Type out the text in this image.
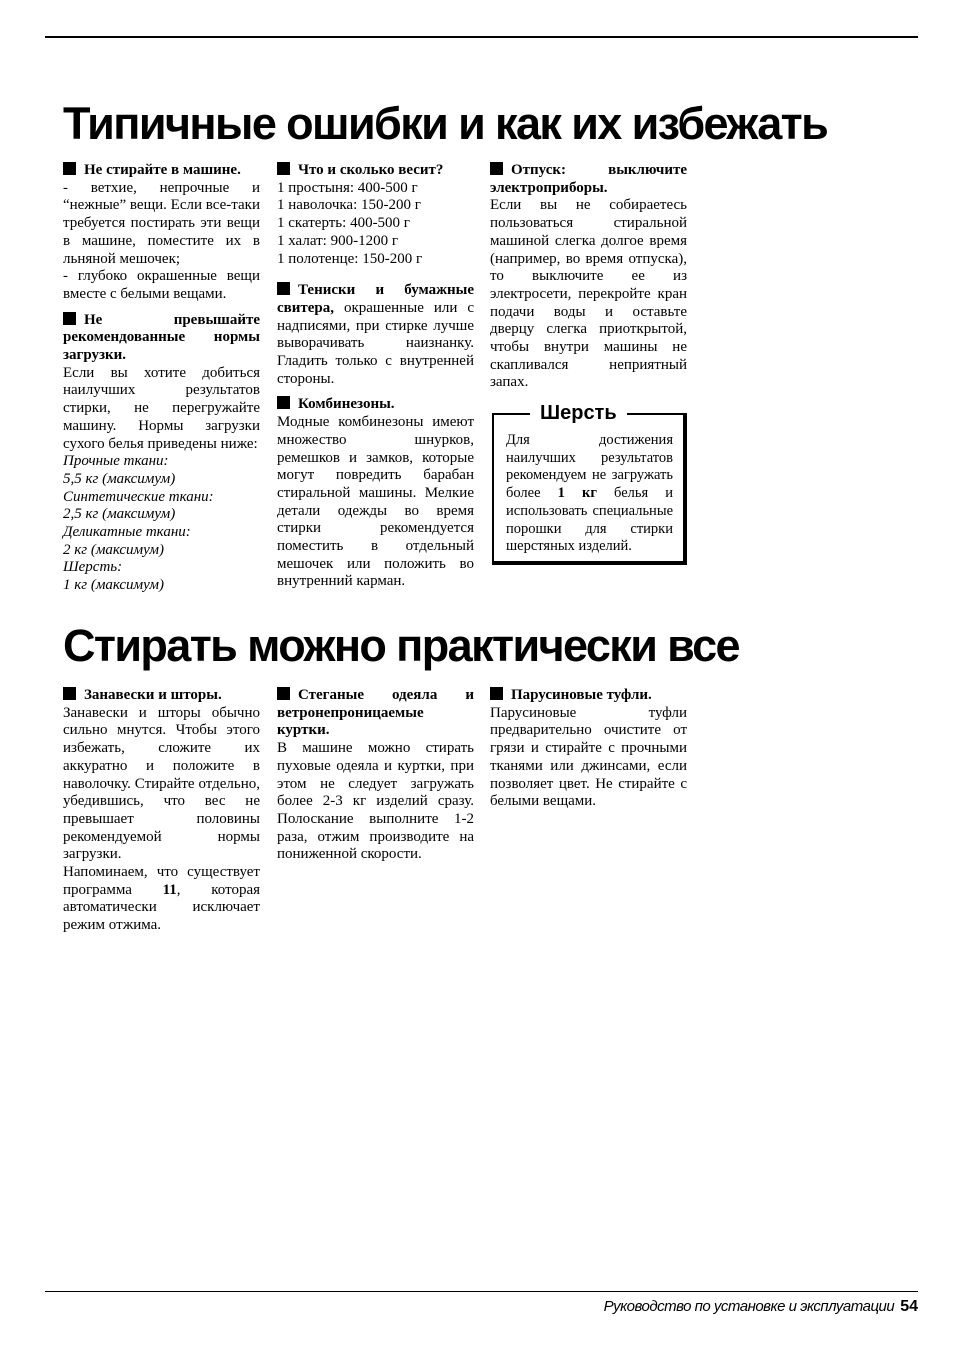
Типичные ошибки и как их избежать

Не стирайте в машине.

- ветхие, непрочные и “нежные” вещи. Если все-таки требуется постирать эти вещи в машине, поместите их в льняной мешочек;

- глубоко окрашенные вещи вместе с белыми вещами.

Не превышайте рекомендованные нормы загрузки.

Если вы хотите добиться наилучших результатов стирки, не перегружайте машину. Нормы загрузки сухого белья приведены ниже:

Прочные ткани:
5,5 кг (максимум)
Синтетические ткани:
2,5 кг (максимум)
Деликатные ткани:
2 кг (максимум)
Шерсть:
1 кг (максимум)

Что и сколько весит?

1 простыня: 400-500 г
1 наволочка: 150-200 г
1 скатерть: 400-500 г
1 халат: 900-1200 г
1 полотенце: 150-200 г

Тениски и бумажные свитера, окрашенные или с надписями, при стирке лучше выворачивать наизнанку. Гладить только с внутренней стороны.

Комбинезоны.

Модные комбинезоны имеют множество шнурков, ремешков и замков, которые могут повредить барабан стиральной машины. Мелкие детали одежды во время стирки рекомендуется поместить в отдельный мешочек или положить во внутренний карман.

Отпуск: выключите электроприборы.

Если вы не собираетесь пользоваться стиральной машиной слегка долгое время (например, во время отпуска), то выключите ее из электросети, перекройте кран подачи воды и оставьте дверцу слегка приоткрытой, чтобы внутри машины не скапливался неприятный запах.

Шерсть
Для достижения наилучших результатов рекомендуем не загружать более 1 кг белья и использовать специальные порошки для стирки шерстяных изделий.
Стирать можно практически все

Занавески и шторы.

Занавески и шторы обычно сильно мнутся. Чтобы этого избежать, сложите их аккуратно и положите в наволочку. Стирайте отдельно, убедившись, что вес не превышает половины рекомендуемой нормы загрузки.

Напоминаем, что существует программа 11, которая автоматически исключает режим отжима.

Стеганые одеяла и ветронепроницаемые куртки.

В машине можно стирать пуховые одеяла и куртки, при этом не следует загружать более 2-3 кг изделий сразу. Полоскание выполните 1-2 раза, отжим производите на пониженной скорости.

Парусиновые туфли.

Парусиновые туфли предварительно очистите от грязи и стирайте с прочными тканями или джинсами, если позволяет цвет. Не стирайте с белыми вещами.

Руководство по установке и эксплуатации 54
